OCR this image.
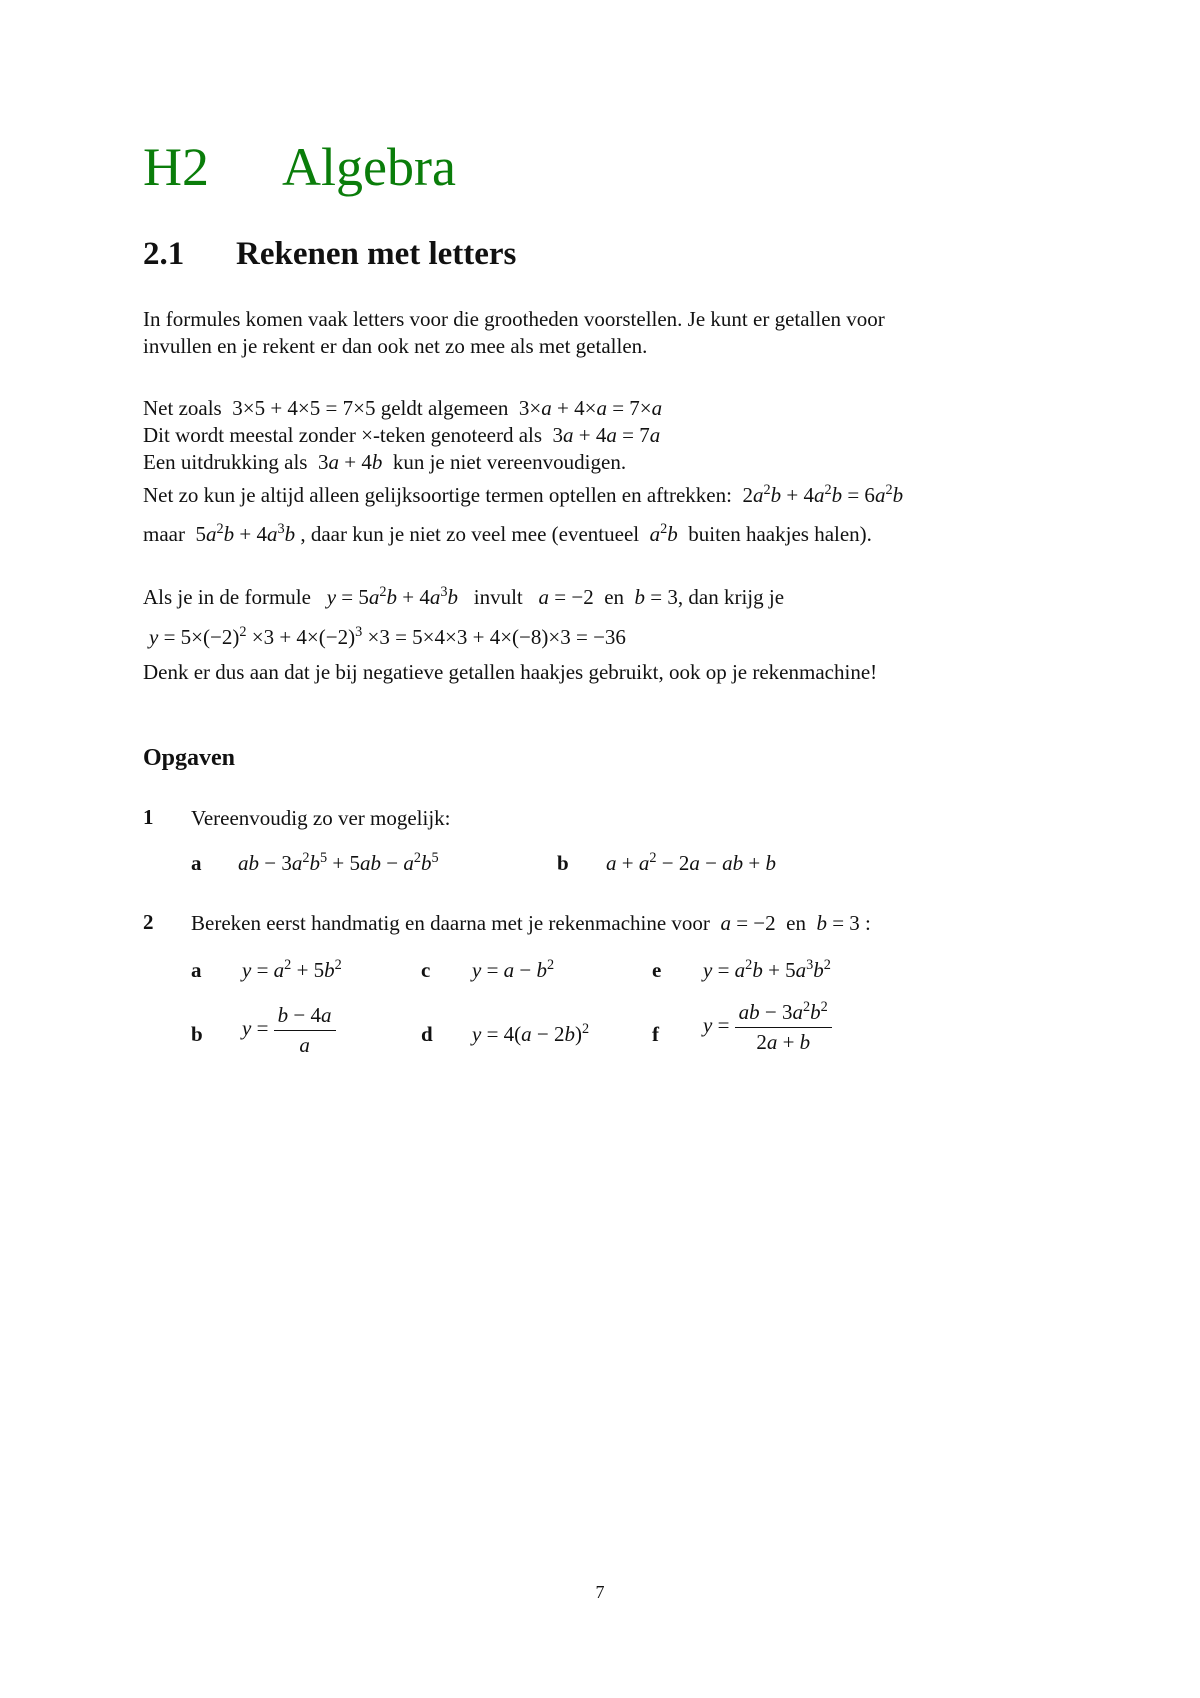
H2 Algebra
2.1 Rekenen met letters
In formules komen vaak letters voor die grootheden voorstellen. Je kunt er getallen voor
invullen en je rekent er dan ook net zo mee als met getallen.
Net zoals  3×5 + 4×5 = 7×5 geldt algemeen  3×a + 4×a = 7×a
Dit wordt meestal zonder ×-teken genoteerd als  3a + 4a = 7a
Een uitdrukking als  3a + 4b kun je niet vereenvoudigen.
Net zo kun je altijd alleen gelijksoortige termen optellen en aftrekken:  $2a^2b + 4a^2b = 6a^2b$
maar  $5a^2b + 4a^3b$ , daar kun je niet zo veel mee (eventueel $a^2b$ buiten haakjes halen).
Als je in de formule $y = 5a^2b + 4a^3b$ invult a = −2  en b = 3, dan krijg je
$y = 5\times(-2)^2 \times 3 + 4\times(-2)^3 \times 3 = 5\times 4\times 3 + 4\times(-8)\times 3 = -36$
Denk er dus aan dat je bij negatieve getallen haakjes gebruikt, ook op je rekenmachine!
Opgaven
1 Vereenvoudig zo ver mogelijk:
a ab − $3a^2b^5 + 5ab - a^2b^5$	b $a + a^2 - 2a$ − ab + b
2 Bereken eerst handmatig en daarna met je rekenmachine voor a = −2  en b = 3 :
a $y = a^2 + 5b^2$	c $y = a - b^2$	e $y = a^2b + 5a^3b^2$
b $y = \frac{b - 4a}{a}$	d $y = 4(a - 2b)^2$	f $y = \frac{ab - 3a^2b^2}{2a + b}$
7
